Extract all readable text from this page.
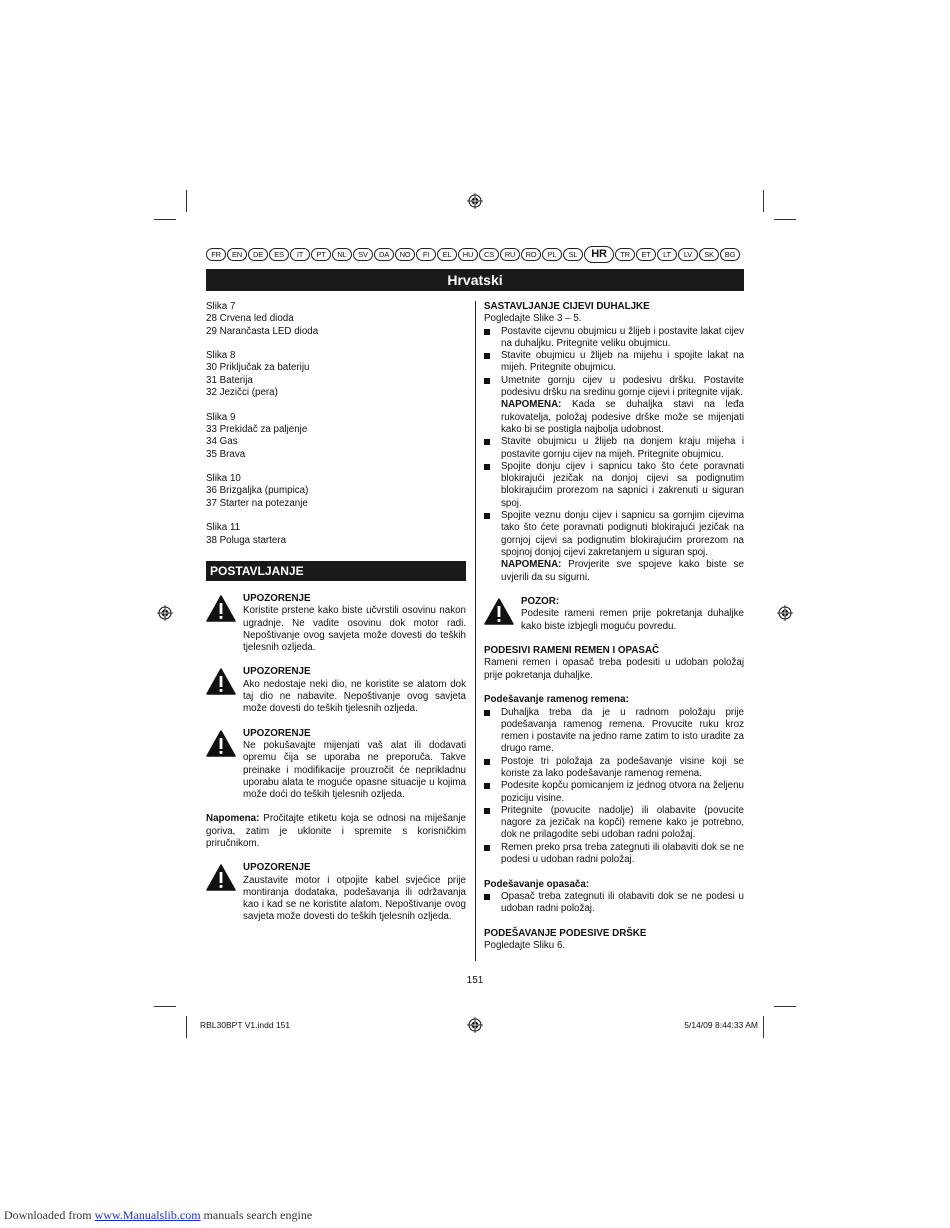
FR	EN	DE	ES	IT	PT	NL	SV	DA	NO	FI	EL	HU	CS	RU	RO	PL	SL	HR	TR	ET	LT	LV	SK	BG
Hrvatski

Slika 7

28 Crvena led dioda

29 Narančasta LED dioda

Slika 8

30 Priključak za bateriju

31 Baterija

32 Jezičci (pera)

Slika 9

33 Prekidač za paljenje

34 Gas

35 Brava

Slika 10

36 Brizgaljka (pumpica)

37 Starter na potezanje

Slika 11

38 Poluga startera

POSTAVLJANJE
UPOZORENJE
Koristite prstene kako biste učvrstili osovinu nakon ugradnje. Ne vadite osovinu dok motor radi. Nepoštivanje ovog savjeta može dovesti do teških tjelesnih ozljeda.
UPOZORENJE
Ako nedostaje neki dio, ne koristite se alatom dok taj dio ne nabavite. Nepoštivanje ovog savjeta može dovesti do teških tjelesnih ozljeda.
UPOZORENJE
Ne pokušavajte mijenjati vaš alat ili dodavati opremu čija se uporaba ne preporuča. Takve preinake i modifikacije prouzročit će neprikladnu uporabu alata te moguće opasne situacije u kojima može doći do teških tjelesnih ozljeda.
Napomena: Pročitajte etiketu koja se odnosi na miješanje goriva, zatim je uklonite i spremite s korisničkim priručnikom.
UPOZORENJE
Zaustavite motor i otpojite kabel svjećice prije montiranja dodataka, podešavanja ili održavanja kao i kad se ne koristite alatom. Nepoštivanje ovog savjeta može dovesti do teških tjelesnih ozljeda.

SASTAVLJANJE CIJEVI DUHALJKE

Pogledajte Slike 3 – 5.

Postavite cijevnu obujmicu u žlijeb i postavite lakat cijev na duhaljku. Pritegnite veliku obujmicu.
Stavite obujmicu u žlijeb na mijehu i spojite lakat na mijeh. Pritegnite obujmicu.
Umetnite gornju cijev u podesivu dršku. Postavite podesivu dršku na sredinu gornje cijevi i pritegnite vijak.
NAPOMENA: Kada se duhaljka stavi na leđa rukovatelja, položaj podesive drške može se mijenjati kako bi se postigla najbolja udobnost.
Stavite obujmicu u žlijeb na donjem kraju mijeha i postavite gornju cijev na mijeh. Pritegnite obujmicu.
Spojite donju cijev i sapnicu tako što ćete poravnati blokirajući jezičak na donjoj cijevi sa podignutim blokirajućim prorezom na sapnici i zakrenuti u siguran spoj.
Spojite veznu donju cijev i sapnicu sa gornjim cijevima tako što ćete poravnati podignuti blokirajući jezičak na gornjoj cijevi sa podignutim blokirajućim prorezom na spojnoj donjoj cijevi zakretanjem u siguran spoj.
NAPOMENA: Provjerite sve spojeve kako biste se uvjerili da su sigurni.
POZOR:
Podesite rameni remen prije pokretanja duhaljke kako biste izbjegli moguću povredu.

PODESIVI RAMENI REMEN I OPASAČ

Rameni remen i opasač treba podesiti u udoban položaj prije pokretanja duhaljke.

Podešavanje ramenog remena:

Duhaljka treba da je u radnom položaju prije podešavanja ramenog remena. Provucite ruku kroz remen i postavite na jedno rame zatim to isto uradite za drugo rame.
Postoje tri položaja za podešavanje visine koji se koriste za lako podešavanje ramenog remena.
Podesite kopču pomicanjem iz jednog otvora na željenu poziciju visine.
Pritegnite (povucite nadolje) ili olabavite (povucite nagore za jezičak na kopči) remene kako je potrebno, dok ne prilagodite sebi udoban radni položaj.
Remen preko prsa treba zategnuti ili olabaviti dok se ne podesi u udoban radni položaj.

Podešavanje opasača:

Opasač treba zategnuti ili olabaviti dok se ne podesi u udoban radni položaj.

PODEŠAVANJE PODESIVE DRŠKE

Pogledajte Sliku 6.

151
RBL30BPT V1.indd 151	5/14/09 8:44:33 AM
Downloaded from www.Manualslib.com manuals search engine
